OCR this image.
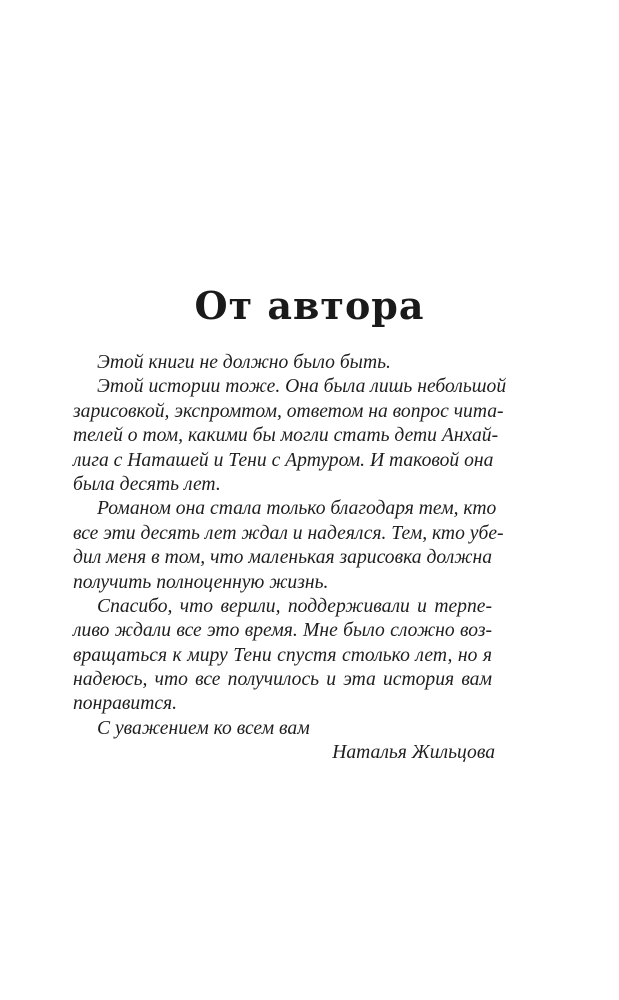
От автора
Этой книги не должно было быть.
Этой истории тоже. Она была лишь небольшой
зарисовкой, экспромтом, ответом на вопрос чита-
телей о том, какими бы могли стать дети Анхай-
лига с Наташей и Тени с Артуром. И таковой она
была десять лет.
Романом она стала только благодаря тем, кто
все эти десять лет ждал и надеялся. Тем, кто убе-
дил меня в том, что маленькая зарисовка должна
получить полноценную жизнь.
Спасибо, что верили, поддерживали и терпе-
ливо ждали все это время. Мне было сложно воз-
вращаться к миру Тени спустя столько лет, но я
надеюсь, что все получилось и эта история вам
понравится.
С уважением ко всем вам
Наталья Жильцова
